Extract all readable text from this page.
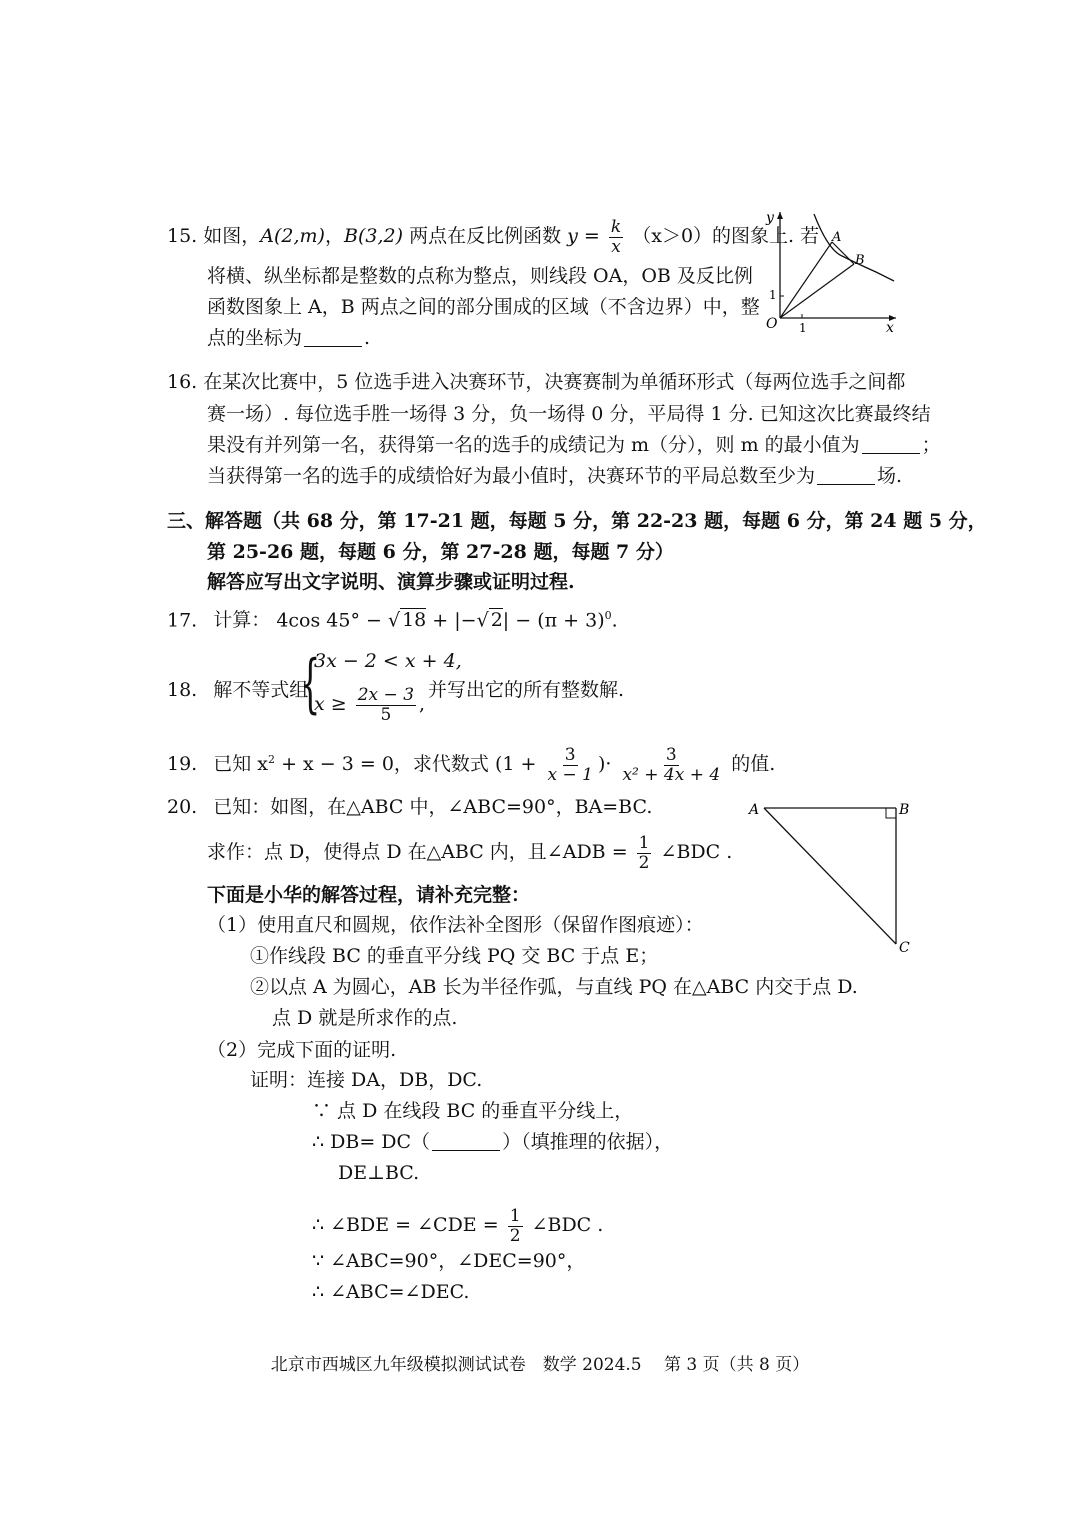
15. 如图，A(2,m)，B(3,2) 两点在反比例函数 $y = \frac{k}{x} (x>0)$的图象上. 若
将横、纵坐标都是整数的点称为整点，则线段 OA，OB 及反比例
函数图象上 A，B 两点之间的部分围成的区域（不含边界）中，整
点的坐标为	.
y
x
O 1
1
A
B
16. 在某次比赛中，5 位选手进入决赛环节，决赛赛制为单循环形式（每两位选手之间都
赛一场）. 每位选手胜一场得 3 分，负一场得 0 分，平局得 1 分. 已知这次比赛最终结
果没有并列第一名，获得第一名的选手的成绩记为 m（分），则 m 的最小值为	；
当获得第一名的选手的成绩恰好为最小值时，决赛环节的平局总数至少为	场.
三、解答题（共 68 分，第 17-21 题，每题 5 分，第 22-23 题，每题 6 分，第 24 题 5 分，
第 25-26 题，每题 6 分，第 27-28 题，每题 7 分）
解答应写出文字说明、演算步骤或证明过程.
17. 计算： 4cos 45° − √ 18 + |−√ $2| - (\pi + 3)^0$.
18. 解不等式组
{
3x − 2 < x + 4,
$x \ge \frac{2x - 3}{5}$ ,
并写出它的所有整数解.
19. 已知 $x^2 + x - 3 = 0$，求代数式 ($1 + \frac{3}{x - 1}$ )· $\frac{3}{\text{x² + 4x + 4}}$ 的值.
20. 已知：如图，在△ABC 中，∠ABC=90°，BA=BC.
求作：点 D，使得点 D 在△ABC 内，且∠ADB = $\frac{1}{2}$ ∠BDC .
下面是小华的解答过程，请补充完整：
（1）使用直尺和圆规，依作法补全图形（保留作图痕迹）：
①作线段 BC 的垂直平分线 PQ 交 BC 于点 E；
②以点 A 为圆心，AB 长为半径作弧，与直线 PQ 在△ABC 内交于点 D.
点 D 就是所求作的点.
（2）完成下面的证明.
证明：连接 DA，DB，DC.
∵ 点 D 在线段 BC 的垂直平分线上，
∴ DB= DC（	）（填推理的依据），
DE⊥BC.
∴ ∠BDE = ∠CDE = $\frac{1}{2}$ ∠BDC .
∵ ∠ABC=90°，∠DEC=90°，
∴ ∠ABC=∠DEC.
A	B
C
北京市西城区九年级模拟测试试卷　数学 2024.5　 第 3 页（共 8 页）
